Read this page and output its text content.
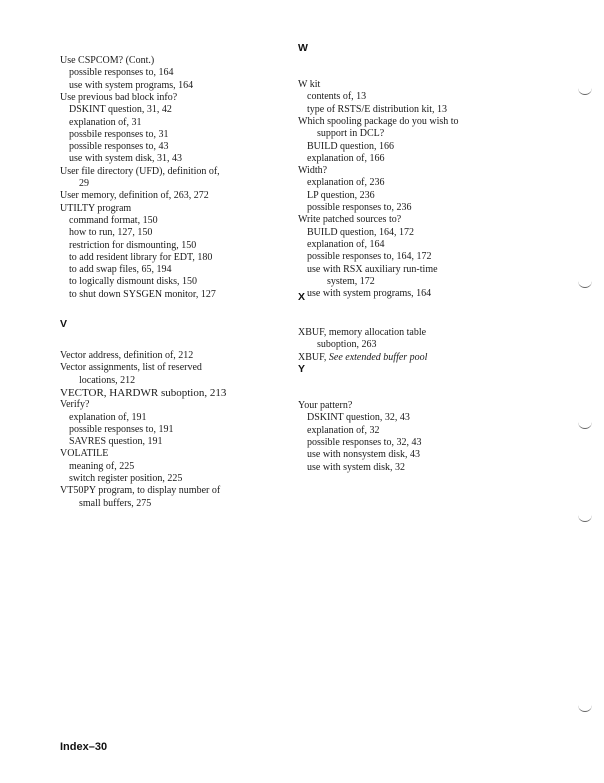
Use CSPCOM? (Cont.)
possible responses to, 164
use with system programs, 164
Use previous bad block info?
DSKINT question, 31, 42
explanation of, 31
possbile responses to, 31
possible responses to, 43
use with system disk, 31, 43
User file directory (UFD), definition of,
29
User memory, definition of, 263, 272
UTILTY program
command format, 150
how to run, 127, 150
restriction for dismounting, 150
to add resident library for EDT, 180
to add swap files, 65, 194
to logically dismount disks, 150
to shut down SYSGEN monitor, 127
V
Vector address, definition of, 212
Vector assignments, list of reserved
locations, 212
VECTOR, HARDWR suboption, 213
Verify?
explanation of, 191
possible responses to, 191
SAVRES question, 191
VOLATILE
meaning of, 225
switch register position, 225
VT50PY program, to display number of
small buffers, 275
W
W kit
contents of, 13
type of RSTS/E distribution kit, 13
Which spooling package do you wish to
support in DCL?
BUILD question, 166
explanation of, 166
Width?
explanation of, 236
LP question, 236
possible responses to, 236
Write patched sources to?
BUILD question, 164, 172
explanation of, 164
possible responses to, 164, 172
use with RSX auxiliary run-time
system, 172
use with system programs, 164
X
XBUF, memory allocation table
suboption, 263
XBUF, See extended buffer pool
Y
Your pattern?
DSKINT question, 32, 43
explanation of, 32
possible responses to, 32, 43
use with nonsystem disk, 43
use with system disk, 32
Index–30
